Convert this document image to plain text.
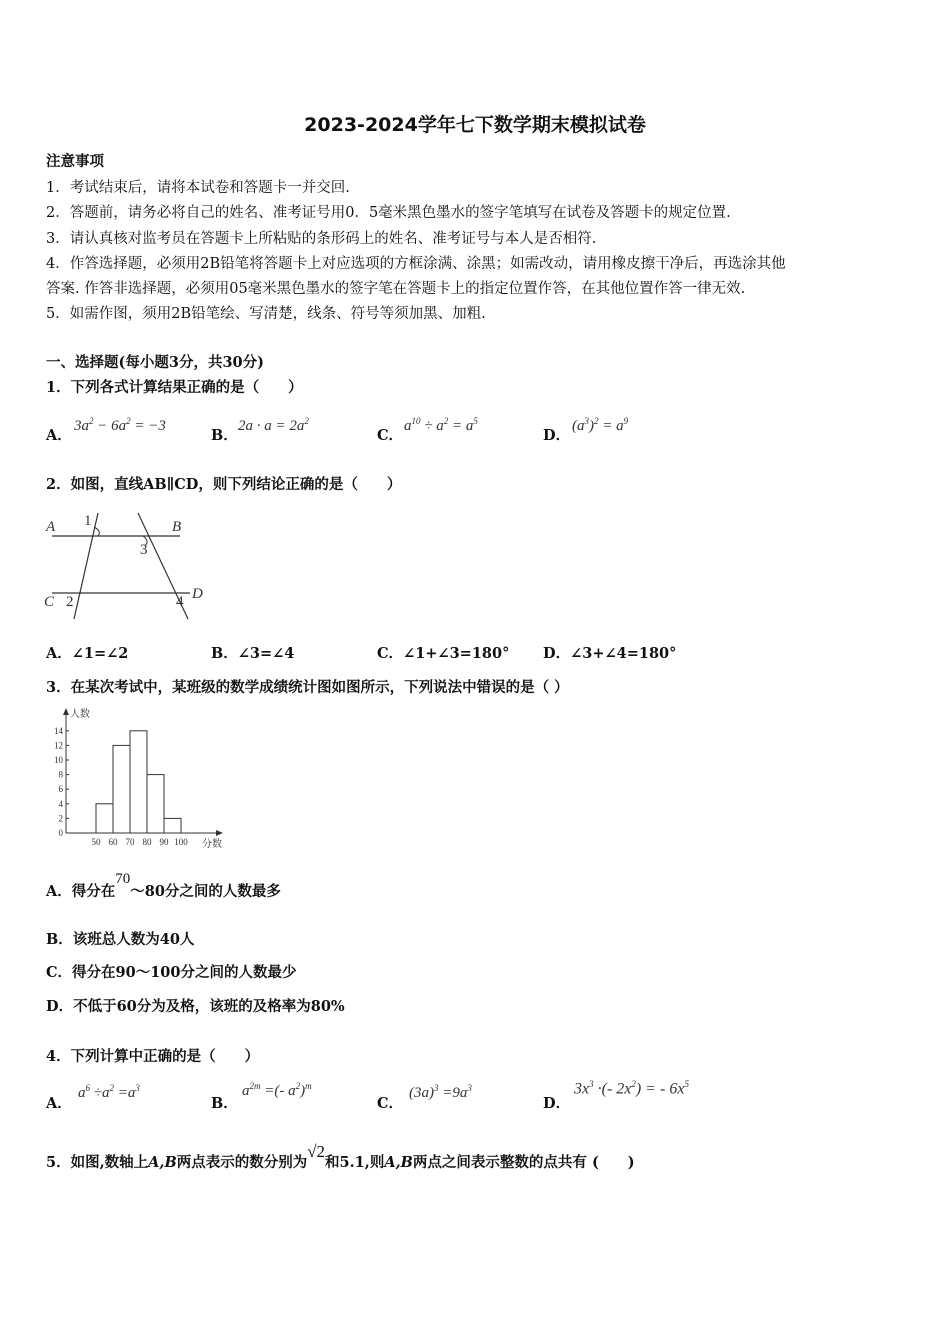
2023-2024学年七下数学期末模拟试卷
注意事项
1．考试结束后，请将本试卷和答题卡一并交回.
2．答题前，请务必将自己的姓名、准考证号用0．5毫米黑色墨水的签字笔填写在试卷及答题卡的规定位置.
3．请认真核对监考员在答题卡上所粘贴的条形码上的姓名、准考证号与本人是否相符.
4．作答选择题，必须用2B铅笔将答题卡上对应选项的方框涂满、涂黑；如需改动，请用橡皮擦干净后，再选涂其他
答案. 作答非选择题，必须用05毫米黑色墨水的签字笔在答题卡上的指定位置作答，在其他位置作答一律无效.
5．如需作图，须用2B铅笔绘、写清楚，线条、符号等须加黑、加粗.
一、选择题(每小题3分，共30分)
1．下列各式计算结果正确的是（　　）
A．
$3a^2 - 6a^2 = -3$
B．
$2a \cdot a = 2a^2$
C．
$a^{10} \div a^2 = a^5$
D．
$(a^3)^2 = a^9$
2．如图，直线AB∥CD，则下列结论正确的是（　　）
A	B
C	D
1
2
3
4
A．∠1=∠2	B．∠3=∠4	C．∠1+∠3=180° D．∠3+∠4=180°
3．在某次考试中，某班级的数学成绩统计图如图所示，下列说法中错误的是（ ）
人数
分数
0
2
4
6
8
10
12
14
50 60 70 80 90 100
A．得分在70～80分之间的人数最多
B．该班总人数为40人
C．得分在90～100分之间的人数最少
D．不低于60分为及格，该班的及格率为80%
4．下列计算中正确的是（　　）
A．
$a^6 \div a^2 =a^3$
B．
$a^{2m}$ =(- $a^2)^m$
C．
$(3a)^3 =9a^3$
D．
$3x^3$ ·(- $2x^2$) = - $6x^5$
5．如图,数轴上A,B两点表示的数分别为√2和5.1,则A,B两点之间表示整数的点共有 (　　)
